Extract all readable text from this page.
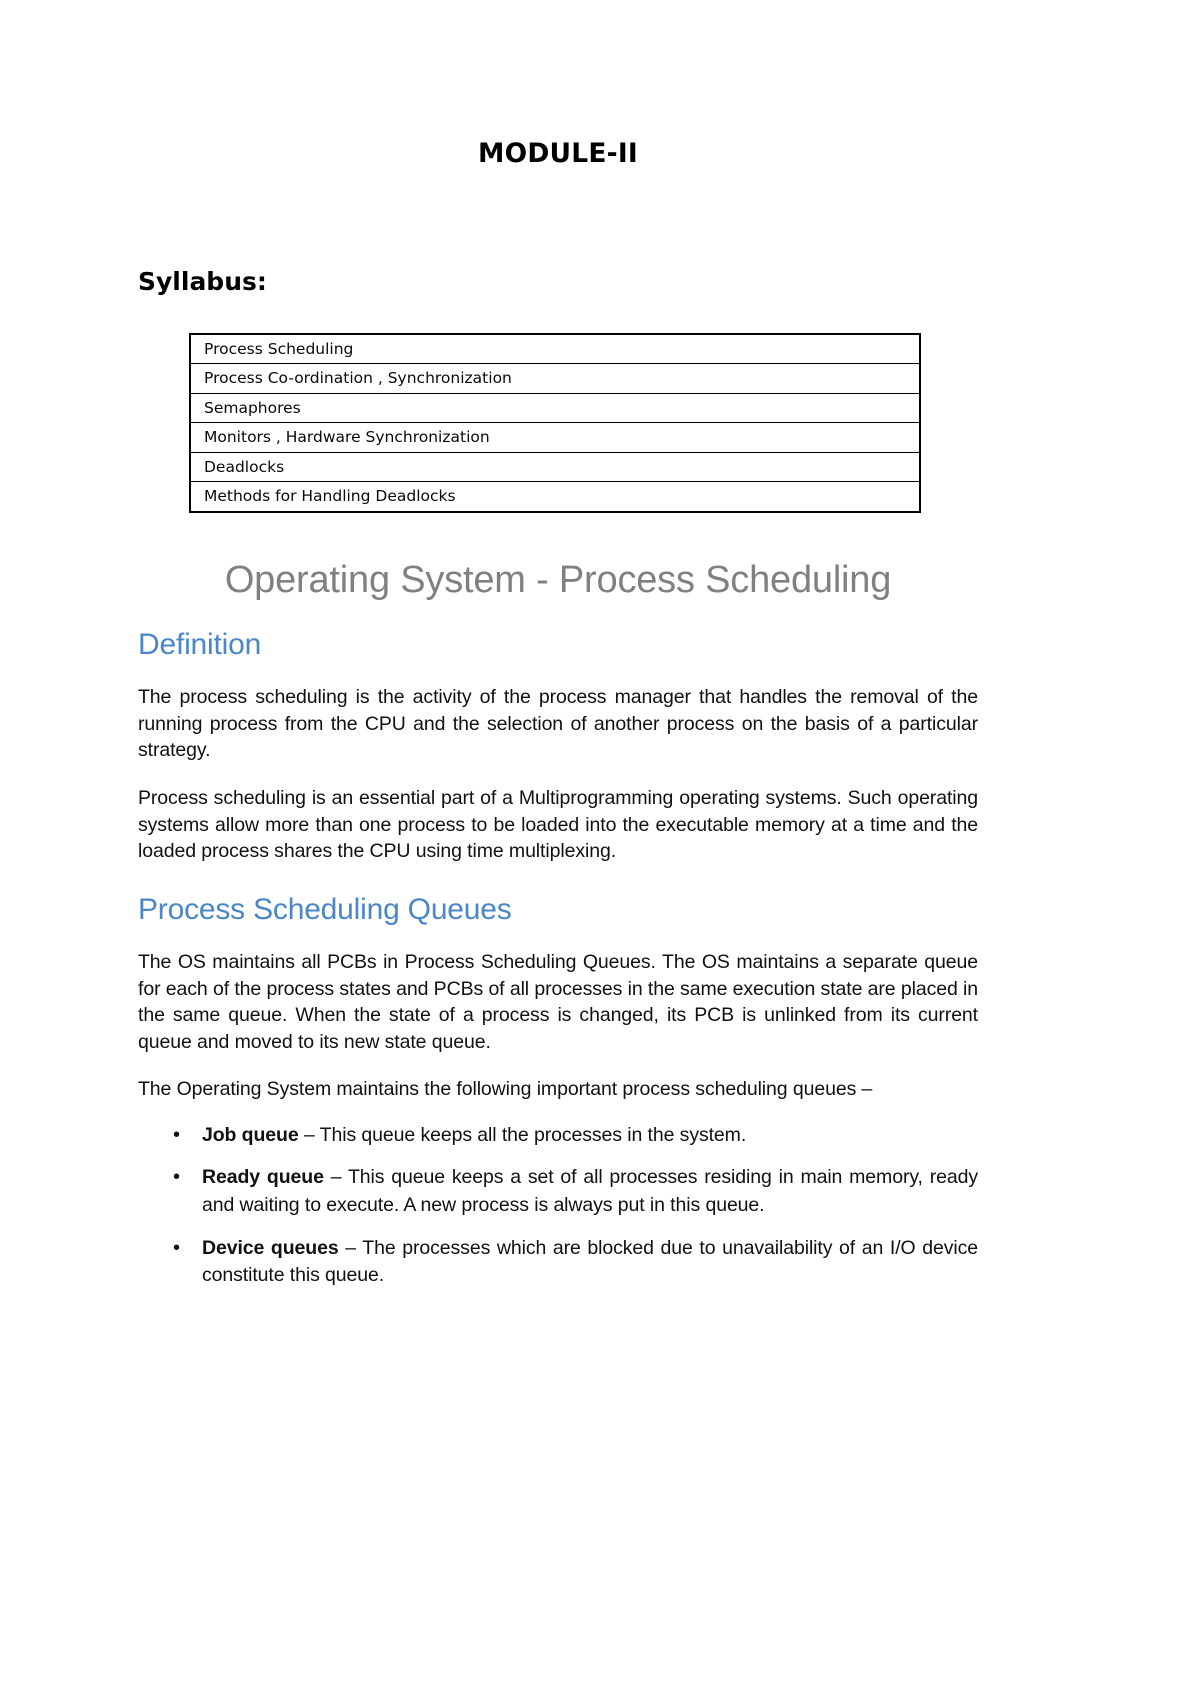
MODULE-II
Syllabus:
Process Scheduling
Process Co-ordination , Synchronization
Semaphores
Monitors , Hardware Synchronization
Deadlocks
Methods for Handling Deadlocks
Operating System - Process Scheduling
Definition

The process scheduling is the activity of the process manager that handles the removal of the running process from the CPU and the selection of another process on the basis of a particular strategy.

Process scheduling is an essential part of a Multiprogramming operating systems. Such operating systems allow more than one process to be loaded into the executable memory at a time and the loaded process shares the CPU using time multiplexing.

Process Scheduling Queues

The OS maintains all PCBs in Process Scheduling Queues. The OS maintains a separate queue for each of the process states and PCBs of all processes in the same execution state are placed in the same queue. When the state of a process is changed, its PCB is unlinked from its current queue and moved to its new state queue.

The Operating System maintains the following important process scheduling queues –

• Job queue – This queue keeps all the processes in the system.
• Ready queue – This queue keeps a set of all processes residing in main memory, ready and waiting to execute. A new process is always put in this queue.
• Device queues – The processes which are blocked due to unavailability of an I/O device constitute this queue.
